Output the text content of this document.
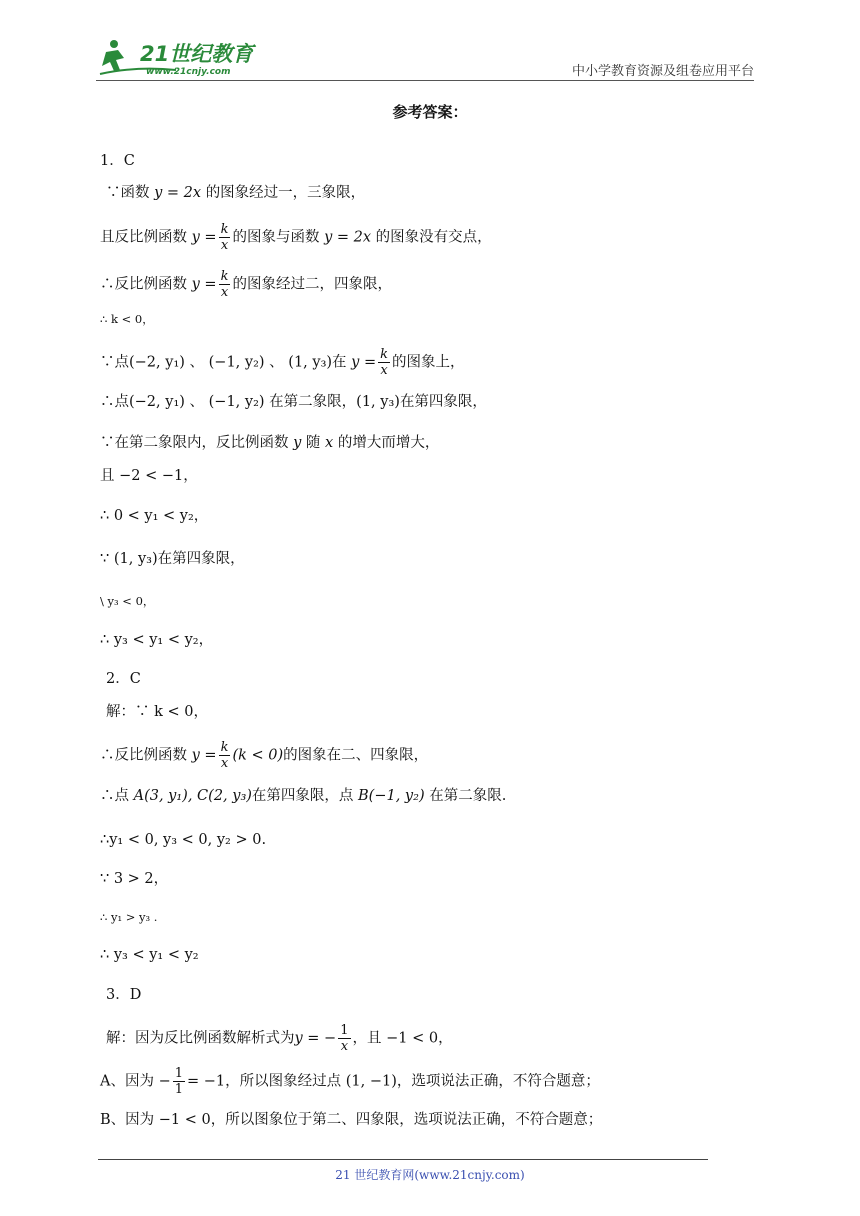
21世纪教育
www.21cnjy.com	中小学教育资源及组卷应用平台
参考答案：
1．C
∵函数 y = 2x 的图象经过一，三象限，
且反比例函数 $y = \frac{k}{x}$ 的图象与函数 y = 2x 的图象没有交点，
∴反比例函数 $y = \frac{k}{x}$ 的图象经过二，四象限，
∴ k < 0，
∵点(−2, y₁) 、 (−1, y₂) 、 (1, y₃)在 $y = \frac{k}{x}$ 的图象上，
∴点(−2, y₁) 、 (−1, y₂) 在第二象限，(1, y₃)在第四象限，
∵在第二象限内，反比例函数 y 随 x 的增大而增大，
且 −2 < −1，
∴ 0 < y₁ < y₂，
∵ (1, y₃)在第四象限，
\ y₃ < 0，
∴ y₃ < y₁ < y₂，
2．C
解：∵ k < 0，
∴反比例函数 $y = \frac{k}{x} (k < 0)$的图象在二、四象限，
∴点 A(3, y₁), C(2, y₃)在第四象限，点 B(−1, y₂) 在第二象限.
∴y₁ < 0, y₃ < 0, y₂ > 0.
∵ 3 > 2，
∴ y₁ > y₃ .
∴ y₃ < y₁ < y₂
3．D
解：因为反比例函数解析式为y = − $\frac{1}{x}$ ，且 −1 < 0，
A、因为 − $\frac{1}{1} = -1$，所以图象经过点 (1, −1)，选项说法正确，不符合题意；
B、因为 −1 < 0，所以图象位于第二、四象限，选项说法正确，不符合题意；
21 世纪教育网(www.21cnjy.com)
